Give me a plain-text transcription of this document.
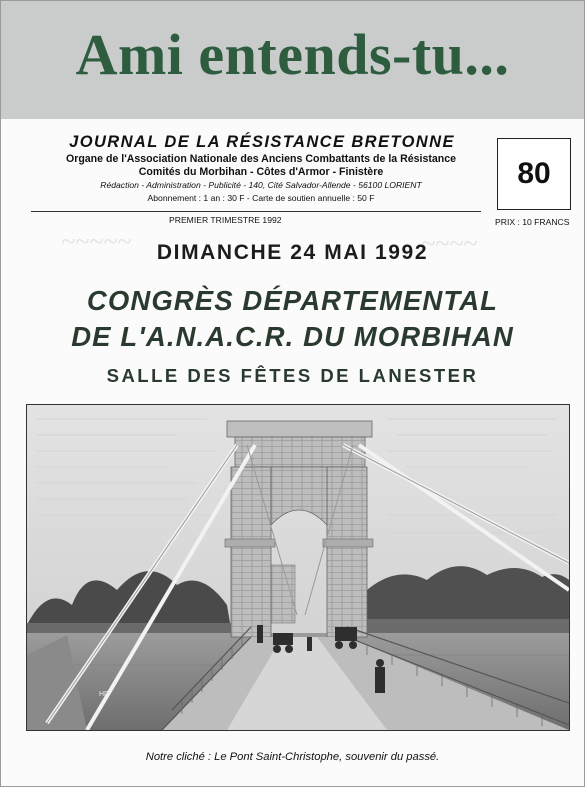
Ami entends-tu...
~~~~~	~~~~
JOURNAL DE LA RÉSISTANCE BRETONNE
Organe de l'Association Nationale des Anciens Combattants de la Résistance
Comités du Morbihan - Côtes d'Armor - Finistère
Rédaction - Administration - Publicité - 140, Cité Salvador-Allende - 56100 LORIENT
Abonnement : 1 an : 30 F - Carte de soutien annuelle : 50 F
PREMIER TRIMESTRE 1992
80
PRIX : 10 FRANCS
DIMANCHE 24 MAI 1992
CONGRÈS DÉPARTEMENTAL
DE L'A.N.A.C.R. DU MORBIHAN
SALLE DES FÊTES DE LANESTER
HD
Notre cliché : Le Pont Saint-Christophe, souvenir du passé.
